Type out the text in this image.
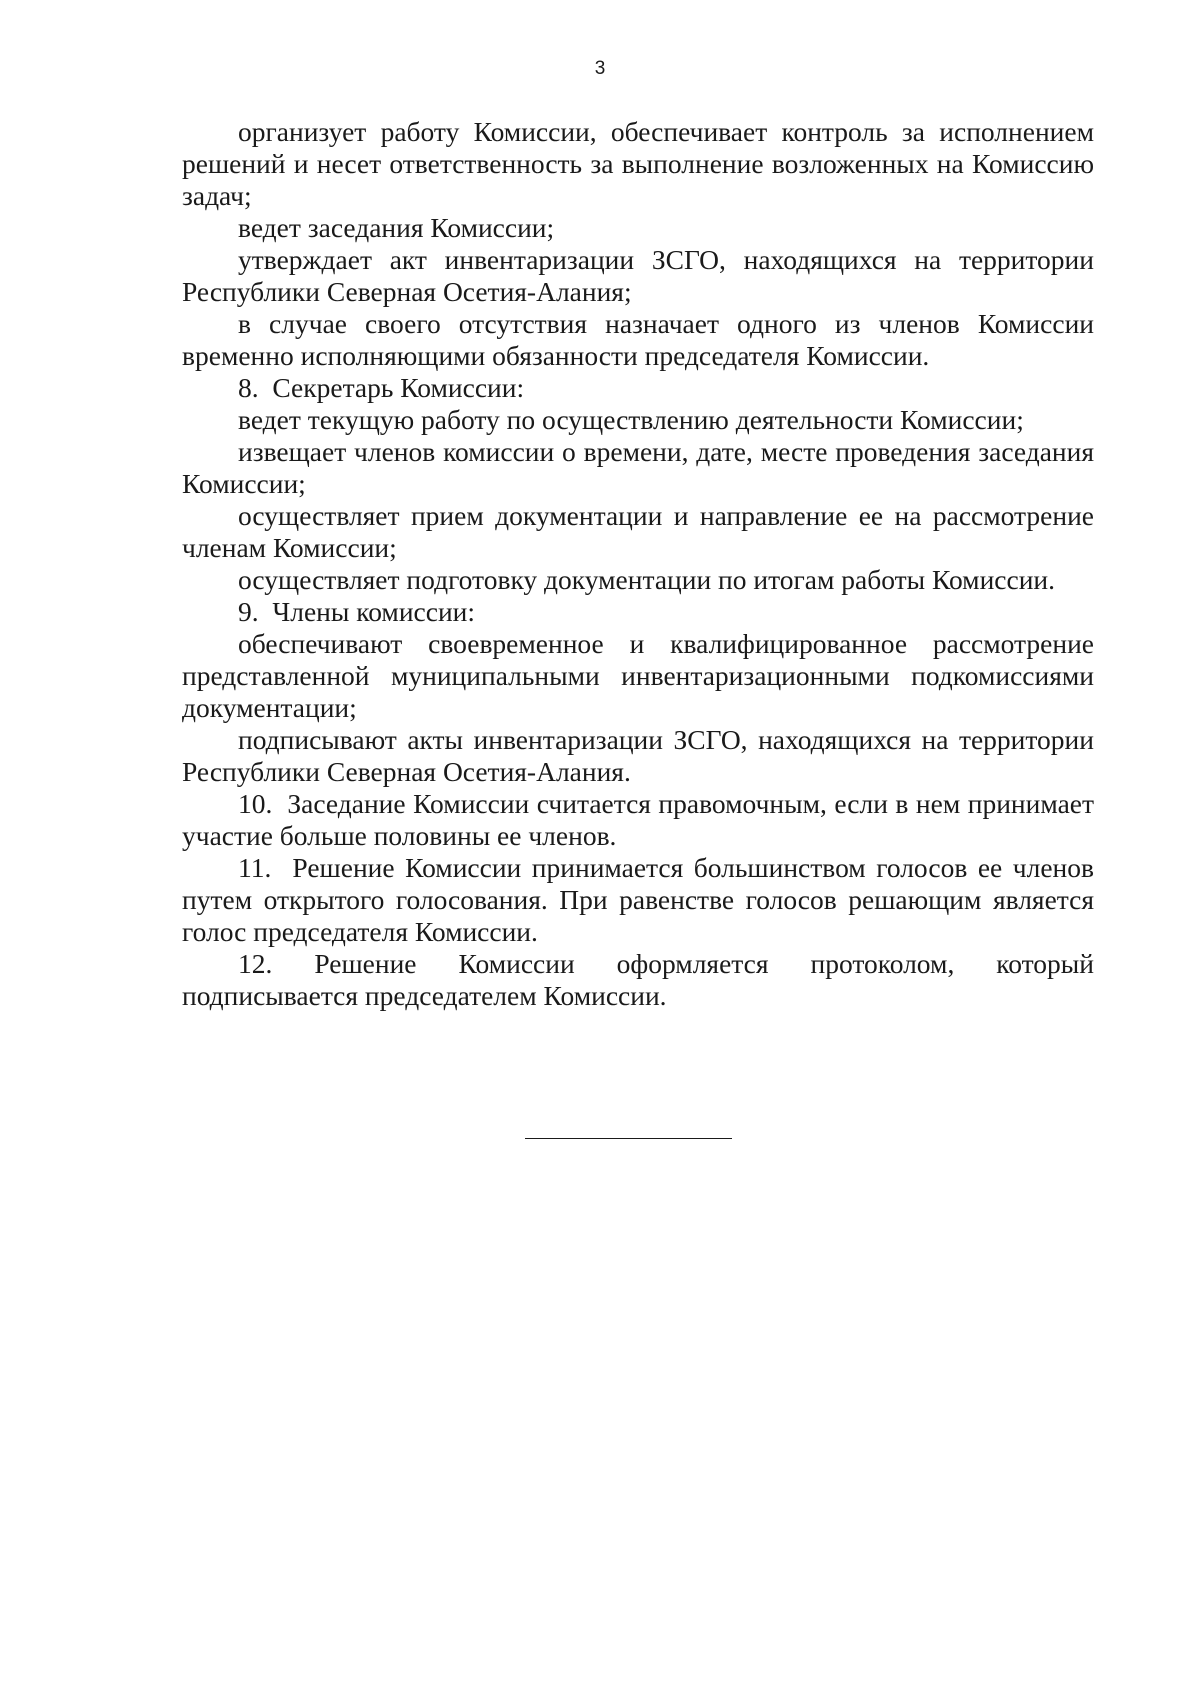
3

организует работу Комиссии, обеспечивает контроль за исполнением решений и несет ответственность за выполнение возложенных на Комиссию задач;

ведет заседания Комиссии;

утверждает акт инвентаризации ЗСГО, находящихся на территории Республики Северная Осетия-Алания;

в случае своего отсутствия назначает одного из членов Комиссии временно исполняющими обязанности председателя Комиссии.

8.  Секретарь Комиссии:

ведет текущую работу по осуществлению деятельности Комиссии;

извещает членов комиссии о времени, дате, месте проведения заседания Комиссии;

осуществляет прием документации и направление ее на рассмотрение членам Комиссии;

осуществляет подготовку документации по итогам работы Комиссии.

9.  Члены комиссии:

обеспечивают своевременное и квалифицированное рассмотрение представленной муниципальными инвентаризационными подкомиссиями документации;

подписывают акты инвентаризации ЗСГО, находящихся на территории Республики Северная Осетия-Алания.

10.  Заседание Комиссии считается правомочным, если в нем принимает участие больше половины ее членов.

11.  Решение Комиссии принимается большинством голосов ее членов путем открытого голосования. При равенстве голосов решающим является голос председателя Комиссии.

12. Решение Комиссии оформляется протоколом, который подписывается председателем Комиссии.
